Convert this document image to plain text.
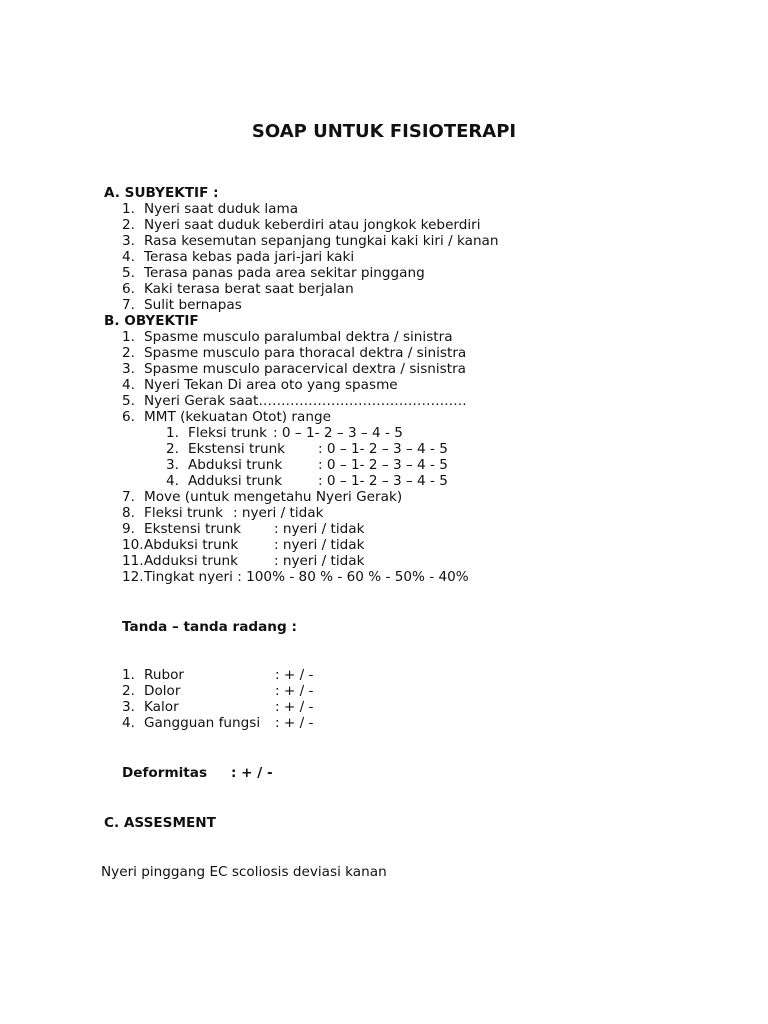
SOAP UNTUK FISIOTERAPI
A. SUBYEKTIF :
1. Nyeri saat duduk lama
2. Nyeri saat duduk keberdiri atau jongkok keberdiri
3. Rasa kesemutan sepanjang tungkai kaki kiri / kanan
4. Terasa kebas pada jari-jari kaki
5. Terasa panas pada area sekitar pinggang
6. Kaki terasa berat saat berjalan
7. Sulit bernapas
B. OBYEKTIF
1. Spasme musculo paralumbal dektra / sinistra
2. Spasme musculo para thoracal dektra / sinistra
3. Spasme musculo paracervical dextra / sisnistra
4. Nyeri Tekan Di area oto yang spasme
5. Nyeri Gerak saat……………………………………….
6. MMT (kekuatan Otot) range
1. Fleksi trunk : 0 – 1- 2 – 3 – 4 - 5
2. Ekstensi trunk : 0 – 1- 2 – 3 – 4 - 5
3. Abduksi trunk	: 0 – 1- 2 – 3 – 4 - 5
4. Adduksi trunk	: 0 – 1- 2 – 3 – 4 - 5
7. Move (untuk mengetahu Nyeri Gerak)
8. Fleksi trunk : nyeri / tidak
9. Ekstensi trunk : nyeri / tidak
10. Abduksi trunk	: nyeri / tidak
11. Adduksi trunk	: nyeri / tidak
12. Tingkat nyeri : 100% - 80 % - 60 % - 50% - 40%
Tanda – tanda radang :
1. Rubor	: + / -
2. Dolor	: + / -
3. Kalor	: + / -
4. Gangguan fungsi : + / -
Deformitas : + / -
C. ASSESMENT
Nyeri pinggang EC scoliosis deviasi kanan
